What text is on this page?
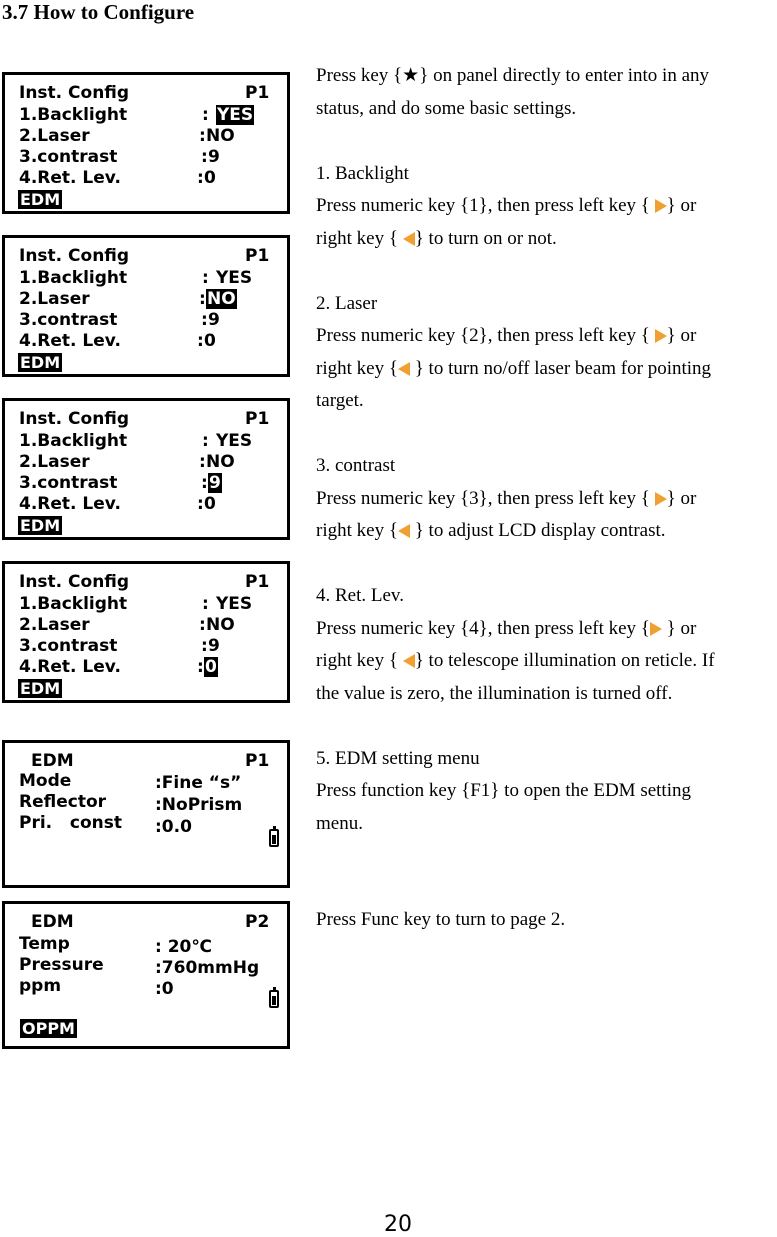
3.7 How to Configure
Inst. Config	P1
1.Backlight	: YES
2.Laser	: NO
3.contrast	: 9
4.Ret. Lev.	: 0
EDM
Inst. Config	P1
1.Backlight	: YES
2.Laser	: NO
3.contrast	: 9
4.Ret. Lev.	: 0
EDM
Inst. Config	P1
1.Backlight	: YES
2.Laser	: NO
3.contrast	: 9
4.Ret. Lev.	: 0
EDM
Inst. Config	P1
1.Backlight	: YES
2.Laser	: NO
3.contrast	: 9
4.Ret. Lev.	: 0
EDM
EDM	P1
Mode	:Fine “s”
Reflector	:NoPrism
Pri.   const :0.0
EDM	P2
Temp	: 20℃
Pressure	:760mmHg
ppm	:0
OPPM

Press key {★} on panel directly to enter into in any

status, and do some basic settings.

1. Backlight

Press numeric key {1}, then press left key { } or

right key { } to turn on or not.

2. Laser

Press numeric key {2}, then press left key { } or

right key { } to turn no/off laser beam for pointing

target.

3. contrast

Press numeric key {3}, then press left key { } or

right key { } to adjust LCD display contrast.

4. Ret. Lev.

Press numeric key {4}, then press left key { } or

right key { } to telescope illumination on reticle. If

the value is zero, the illumination is turned off.

5. EDM setting menu

Press function key {F1} to open the EDM setting

menu.

Press Func key to turn to page 2.

20
